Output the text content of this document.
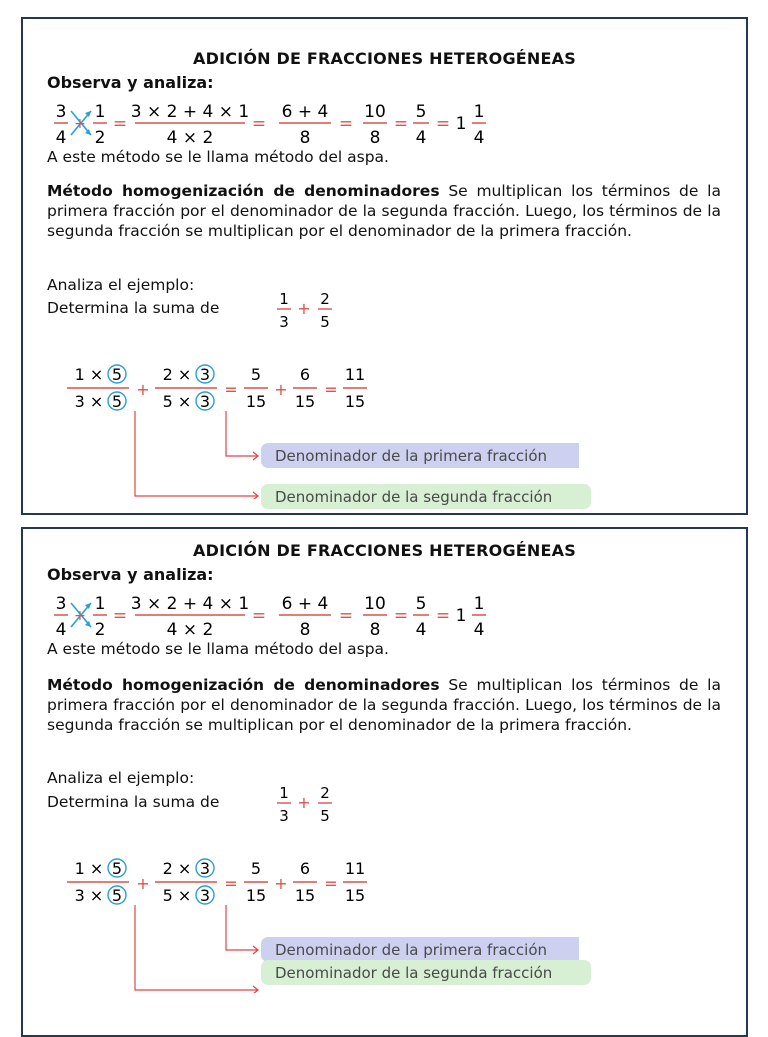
ADICIÓN DE FRACCIONES HETEROGÉNEAS
Observa y analiza:
3
4
+
1
2
=
3 × 2 + 4 × 1
4 × 2
=
6 + 4
8
=
10
8
=
5
4
= 1
1
4
A este método se le llama método del aspa.
Método homogenización de denominadores Se multiplican los términos de la primera fracción por el denominador de la segunda fracción. Luego, los términos de la segunda fracción se multiplican por el denominador de la primera fracción.
Analiza el ejemplo:
Determina la suma de	1
3
+ 2
5
1 × 5
3 × 5
+
2 × 3
5 × 3
=
5
15
+
6
15
=
11
15
Denominador de la primera fracción
Denominador de la segunda fracción
ADICIÓN DE FRACCIONES HETEROGÉNEAS
Observa y analiza:
3
4
+
1
2
=
3 × 2 + 4 × 1
4 × 2
=
6 + 4
8
=
10
8
=
5
4
= 1
1
4
A este método se le llama método del aspa.
Método homogenización de denominadores Se multiplican los términos de la primera fracción por el denominador de la segunda fracción. Luego, los términos de la segunda fracción se multiplican por el denominador de la primera fracción.
Analiza el ejemplo:
Determina la suma de	1
3
+ 2
5
1 × 5
3 × 5
+
2 × 3
5 × 3
=
5
15
+
6
15
=
11
15
Denominador de la primera fracción
Denominador de la segunda fracción
